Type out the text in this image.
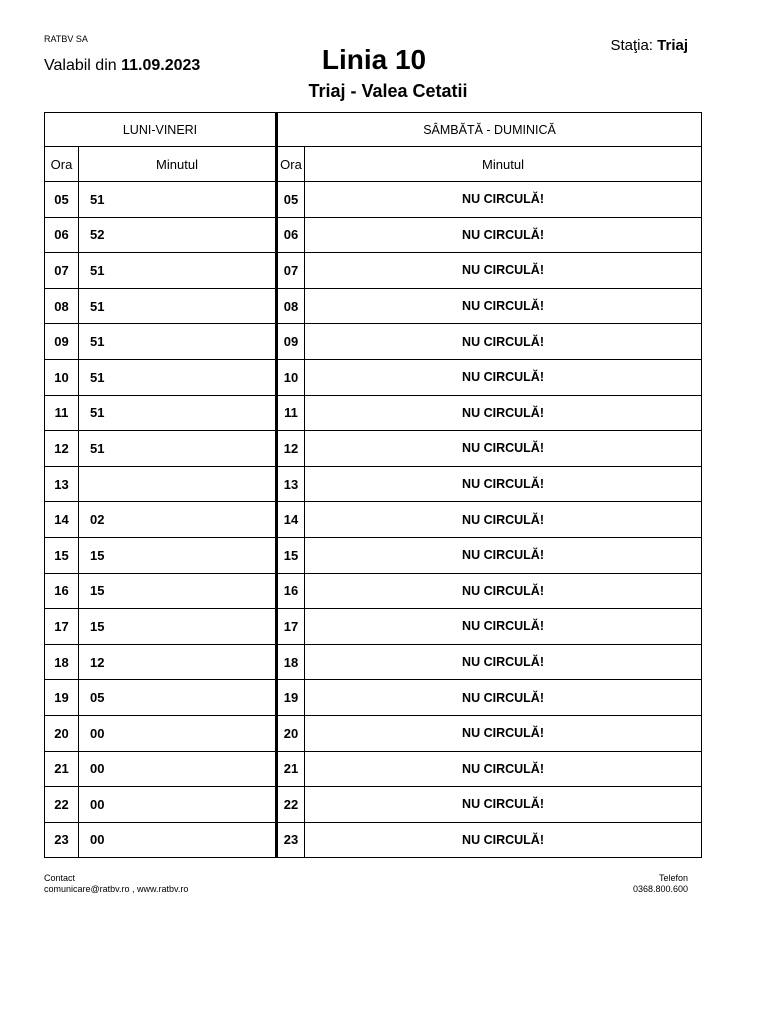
RATBV SA
Valabil din 11.09.2023	Linia 10
Triaj - Valea Cetatii
Staţia: Triaj
LUNI-VINERI		SÂMBĂTĂ - DUMINICĂ	
Ora	Minutul	Ora	Minutul
05	51	05	NU CIRCULĂ!
06	52	06	NU CIRCULĂ!
07	51	07	NU CIRCULĂ!
08	51	08	NU CIRCULĂ!
09	51	09	NU CIRCULĂ!
10	51	10	NU CIRCULĂ!
11	51	11	NU CIRCULĂ!
12	51	12	NU CIRCULĂ!
13		13	NU CIRCULĂ!
14	02	14	NU CIRCULĂ!
15	15	15	NU CIRCULĂ!
16	15	16	NU CIRCULĂ!
17	15	17	NU CIRCULĂ!
18	12	18	NU CIRCULĂ!
19	05	19	NU CIRCULĂ!
20	00	20	NU CIRCULĂ!
21	00	21	NU CIRCULĂ!
22	00	22	NU CIRCULĂ!
23	00	23	NU CIRCULĂ!
Contact
comunicare@ratbv.ro , www.ratbv.ro
Telefon
0368.800.600
